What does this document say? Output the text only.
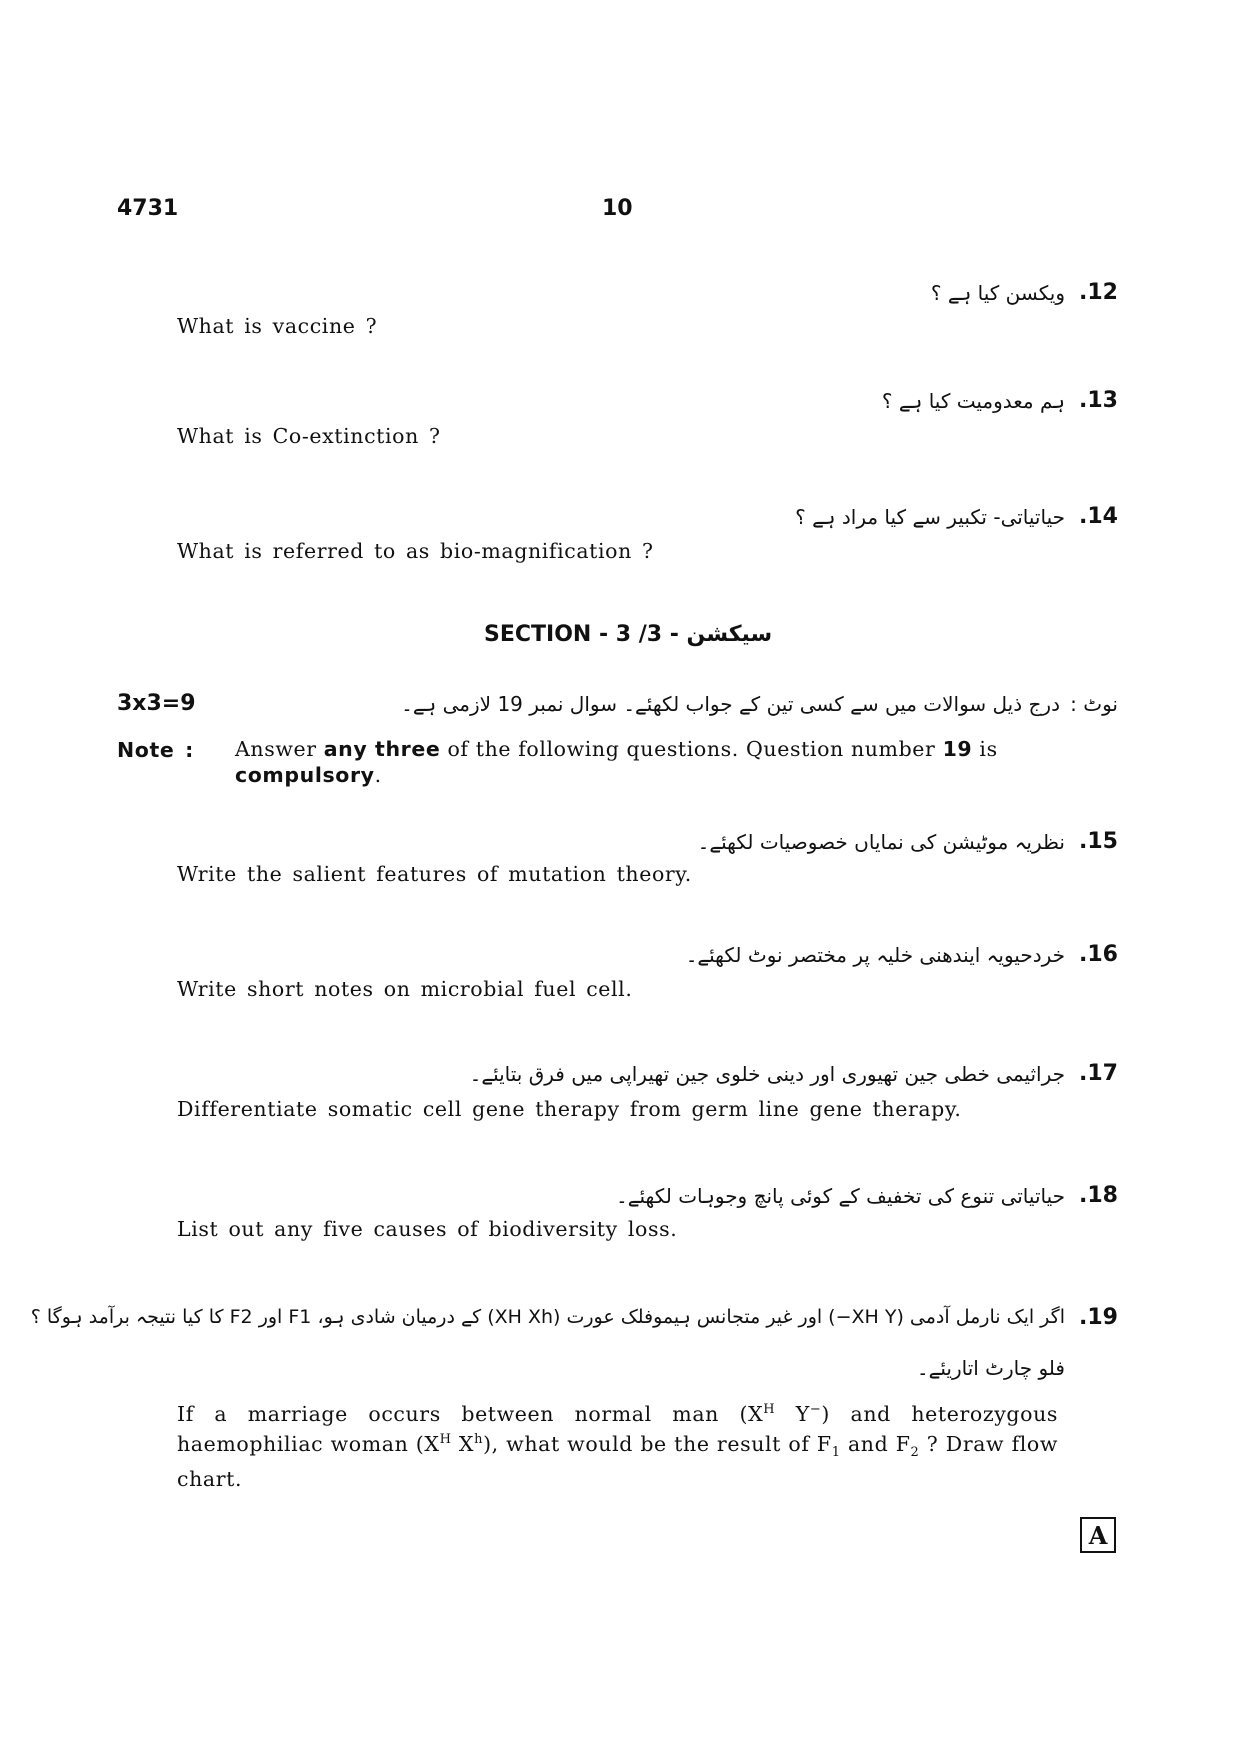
4731	10
.12
ویکسن کیا ہے ؟
What is vaccine ?
.13
ہم معدومیت کیا ہے ؟
What is Co-extinction ?
.14
حیاتیاتی- تکبیر سے کیا مراد ہے ؟
What is referred to as bio-magnification ?
SECTION - 3 /3 - سیکشن
3x3=9	نوٹ :
درج ذیل سوالات میں سے کسی تین کے جواب لکھئے۔ سوال نمبر 19 لازمی ہے۔
Note : Answer any three of the following questions. Question number 19 is
compulsory.
.15
نظریہ موٹیشن کی نمایاں خصوصیات لکھئے۔
Write the salient features of mutation theory.
.16
خردحیویہ ایندھنی خلیہ پر مختصر نوٹ لکھئے۔
Write short notes on microbial fuel cell.
.17
جراثیمی خطی جین تھیوری اور دینی خلوی جین تھیراپی میں فرق بتایئے۔
Differentiate somatic cell gene therapy from germ line gene therapy.
.18
حیاتیاتی تنوع کی تخفیف کے کوئی پانچ وجوہات لکھئے۔
List out any five causes of biodiversity loss.
.19
اگر ایک نارمل آدمی (XH Y−) اور غیر متجانس ہیموفلک عورت (XH Xh) کے درمیان شادی ہو، F1 اور F2 کا کیا نتیجہ برآمد ہوگا ؟
فلو چارٹ اتاریئے۔
If a marriage occurs between normal man ($X^H$ Y−) and heterozygous haemophiliac woman ($X^H$ $X^h$), what would be the result of $F_1$ and $F_2$ ? Draw flow chart.
A
